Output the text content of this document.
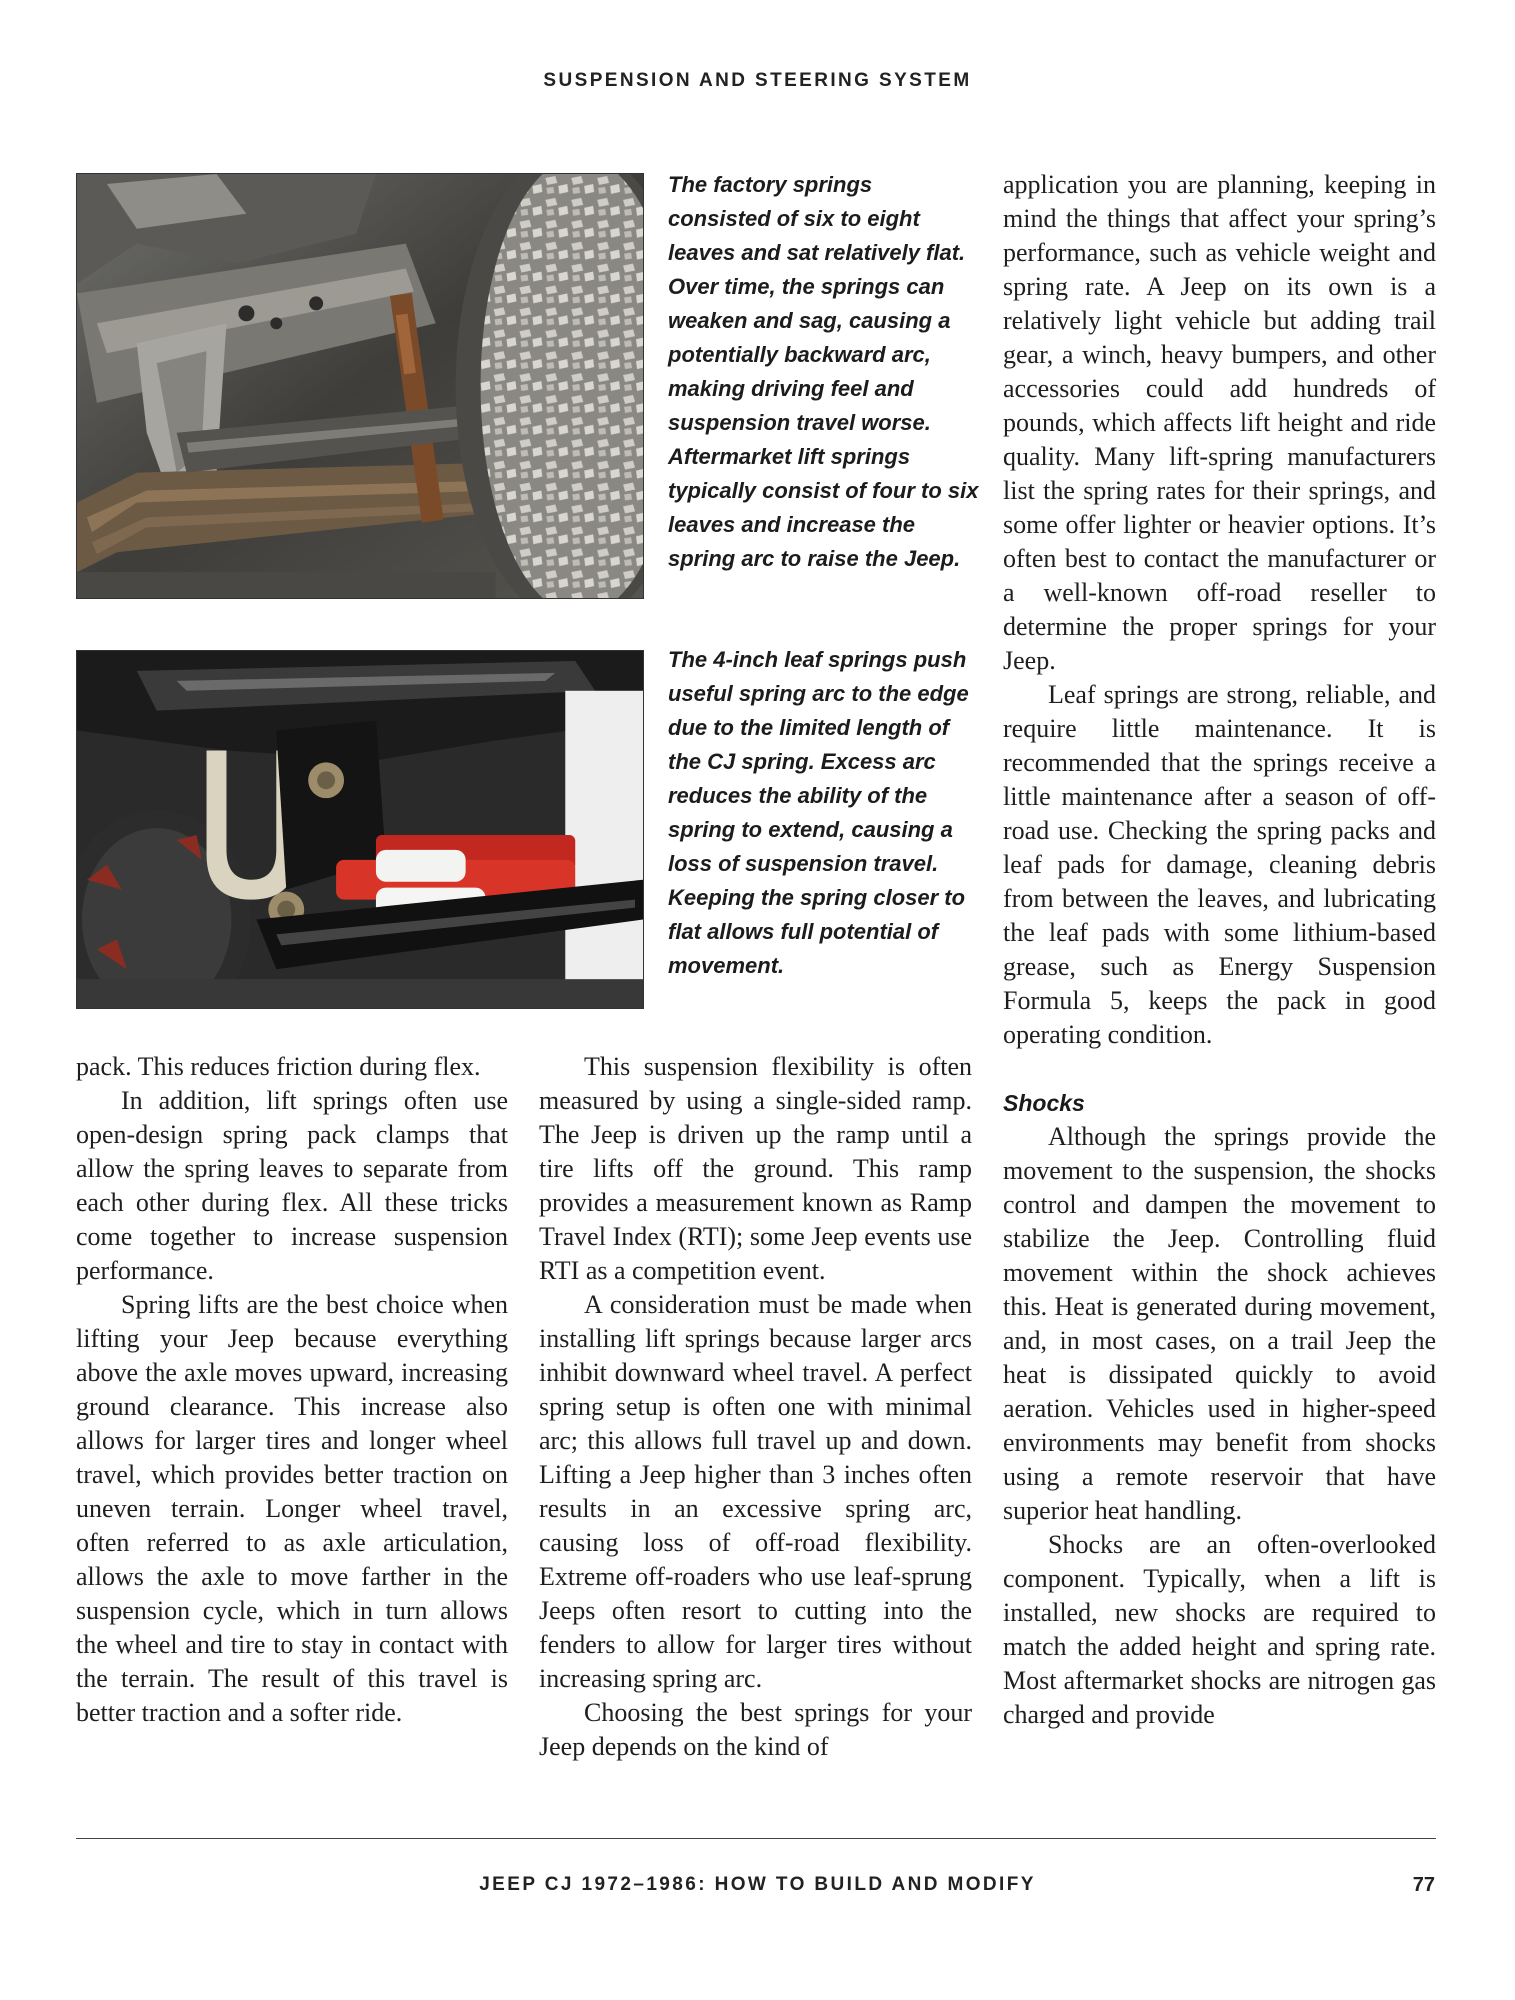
SUSPENSION AND STEERING SYSTEM

The factory springs consisted of six to eight leaves and sat relatively flat. Over time, the springs can weaken and sag, causing a potentially backward arc, making driving feel and suspension travel worse. Aftermarket lift springs typically consist of four to six leaves and increase the spring arc to raise the Jeep.

The 4-inch leaf springs push useful spring arc to the edge due to the limited length of the CJ spring. Excess arc reduces the ability of the spring to extend, causing a loss of suspension travel. Keeping the spring closer to flat allows full potential of movement.

pack. This reduces friction during flex.

In addition, lift springs often use open-design spring pack clamps that allow the spring leaves to separate from each other during flex. All these tricks come together to increase suspension performance.

Spring lifts are the best choice when lifting your Jeep because everything above the axle moves upward, increasing ground clearance. This increase also allows for larger tires and longer wheel travel, which provides better traction on uneven terrain. Longer wheel travel, often referred to as axle articulation, allows the axle to move farther in the suspension cycle, which in turn allows the wheel and tire to stay in contact with the terrain. The result of this travel is better traction and a softer ride.

This suspension flexibility is often measured by using a single-sided ramp. The Jeep is driven up the ramp until a tire lifts off the ground. This ramp provides a measurement known as Ramp Travel Index (RTI); some Jeep events use RTI as a competition event.

A consideration must be made when installing lift springs because larger arcs inhibit downward wheel travel. A perfect spring setup is often one with minimal arc; this allows full travel up and down. Lifting a Jeep higher than 3 inches often results in an excessive spring arc, causing loss of off-road flexibility. Extreme off-roaders who use leaf-sprung Jeeps often resort to cutting into the fenders to allow for larger tires without increasing spring arc.

Choosing the best springs for your Jeep depends on the kind of

application you are planning, keeping in mind the things that affect your spring’s performance, such as vehicle weight and spring rate. A Jeep on its own is a relatively light vehicle but adding trail gear, a winch, heavy bumpers, and other accessories could add hundreds of pounds, which affects lift height and ride quality. Many lift-spring manufacturers list the spring rates for their springs, and some offer lighter or heavier options. It’s often best to contact the manufacturer or a well-known off-road reseller to determine the proper springs for your Jeep.

Leaf springs are strong, reliable, and require little maintenance. It is recommended that the springs receive a little maintenance after a season of off-road use. Checking the spring packs and leaf pads for damage, cleaning debris from between the leaves, and lubricating the leaf pads with some lithium-based grease, such as Energy Suspension Formula 5, keeps the pack in good operating condition.

Shocks

Although the springs provide the movement to the suspension, the shocks control and dampen the movement to stabilize the Jeep. Controlling fluid movement within the shock achieves this. Heat is generated during movement, and, in most cases, on a trail Jeep the heat is dissipated quickly to avoid aeration. Vehicles used in higher-speed environments may benefit from shocks using a remote reservoir that have superior heat handling.

Shocks are an often-overlooked component. Typically, when a lift is installed, new shocks are required to match the added height and spring rate. Most aftermarket shocks are nitrogen gas charged and provide

JEEP CJ 1972–1986: HOW TO BUILD AND MODIFY	77
